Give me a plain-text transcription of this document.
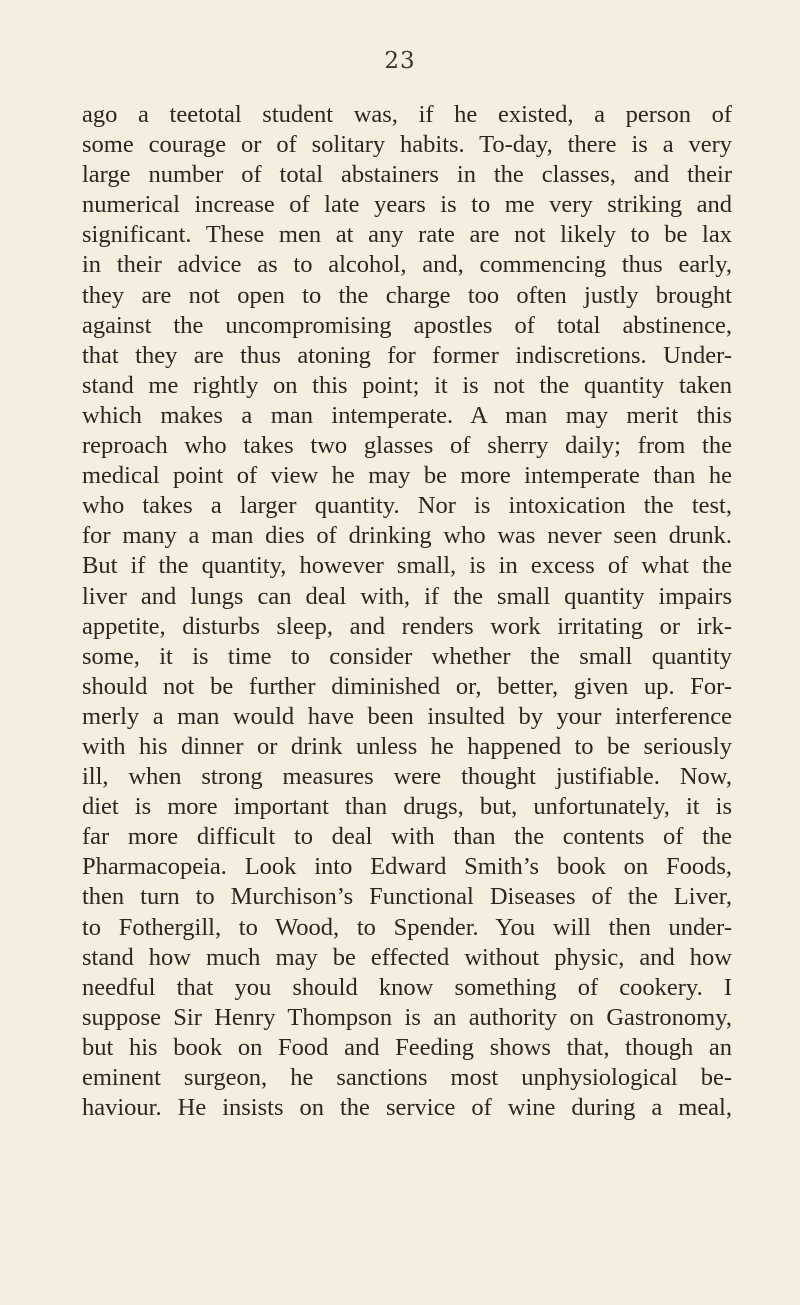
23
ago a teetotal student was, if he existed, a person of
some courage or of solitary habits. To-day, there is a very
large number of total abstainers in the classes, and their
numerical increase of late years is to me very striking and
significant. These men at any rate are not likely to be lax
in their advice as to alcohol, and, commencing thus early,
they are not open to the charge too often justly brought
against the uncompromising apostles of total abstinence,
that they are thus atoning for former indiscretions. Under-
stand me rightly on this point; it is not the quantity taken
which makes a man intemperate. A man may merit this
reproach who takes two glasses of sherry daily; from the
medical point of view he may be more intemperate than he
who takes a larger quantity. Nor is intoxication the test,
for many a man dies of drinking who was never seen drunk.
But if the quantity, however small, is in excess of what the
liver and lungs can deal with, if the small quantity impairs
appetite, disturbs sleep, and renders work irritating or irk-
some, it is time to consider whether the small quantity
should not be further diminished or, better, given up. For-
merly a man would have been insulted by your interference
with his dinner or drink unless he happened to be seriously
ill, when strong measures were thought justifiable. Now,
diet is more important than drugs, but, unfortunately, it is
far more difficult to deal with than the contents of the
Pharmacopeia. Look into Edward Smith’s book on Foods,
then turn to Murchison’s Functional Diseases of the Liver,
to Fothergill, to Wood, to Spender. You will then under-
stand how much may be effected without physic, and how
needful that you should know something of cookery. I
suppose Sir Henry Thompson is an authority on Gastronomy,
but his book on Food and Feeding shows that, though an
eminent surgeon, he sanctions most unphysiological be-
haviour. He insists on the service of wine during a meal,
